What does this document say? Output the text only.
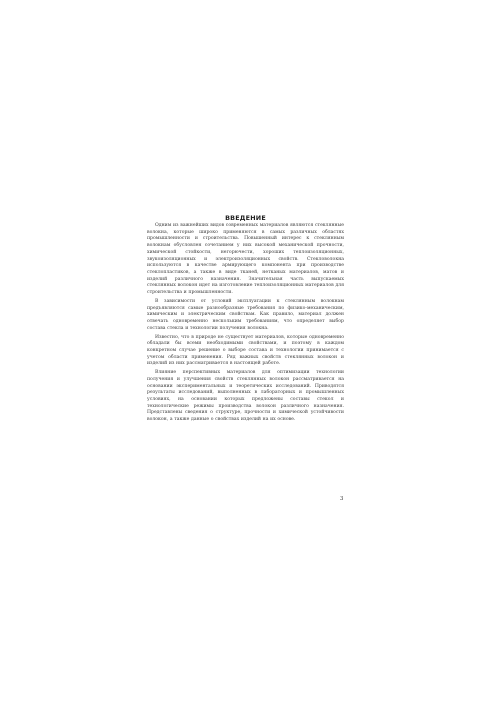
ВВЕДЕНИЕ

Одним из важнейших видов современных материалов являются стеклянные волокна, которые широко применяются в самых различных областях промышленности и строительства. Повышенный интерес к стеклянным волокнам обусловлен сочетанием у них высокой механической прочности, химической стойкости, негорючести, хороших теплоизоляционных, звукоизоляционных и электроизоляционных свойств. Стекловолокна используются в качестве армирующего компонента при производстве стеклопластиков, а также в виде тканей, нетканых материалов, матов и изделий различного назначения. Значительная часть выпускаемых стеклянных волокон идет на изготовление теплоизоляционных материалов для строительства и промышленности.

В зависимости от условий эксплуатации к стеклянным волокнам предъявляются самые разнообразные требования по физико-механическим, химическим и электрическим свойствам. Как правило, материал должен отвечать одновременно нескольким требованиям, что определяет выбор состава стекла и технологии получения волокна.

Известно, что в природе не существует материалов, которые одновременно обладали бы всеми необходимыми свойствами, и поэтому в каждом конкретном случае решение о выборе состава и технологии принимается с учетом области применения. Ряд важных свойств стеклянных волокон и изделий из них рассматривается в настоящей работе.

Влияние перспективных материалов для оптимизации технологии получения и улучшения свойств стеклянных волокон рассматривается на основании экспериментальных и теоретических исследований. Приводятся результаты исследований, выполненных в лабораторных и промышленных условиях, на основании которых предложены составы стекол и технологические режимы производства волокон различного назначения. Представлены сведения о структуре, прочности и химической устойчивости волокон, а также данные о свойствах изделий на их основе.

3
